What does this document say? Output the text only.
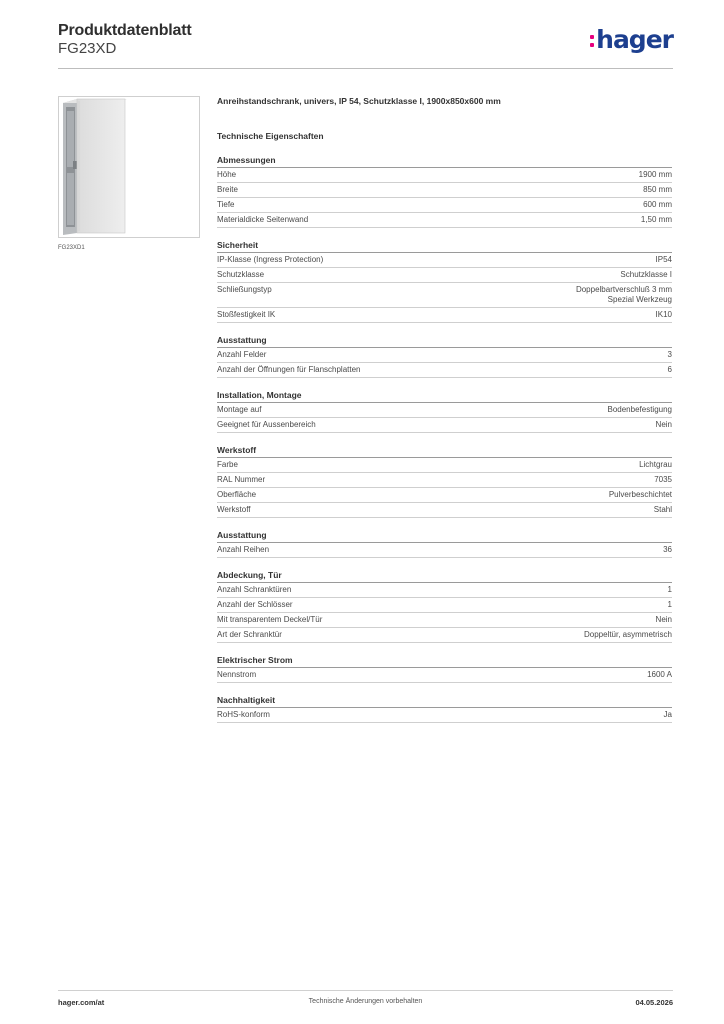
Produktdatenblatt
FG23XD	hager
FG23XD1
Anreihstandschrank, univers, IP 54, Schutzklasse I, 1900x850x600 mm
Technische Eigenschaften
Abmessungen
Höhe	1900 mm
Breite	850 mm
Tiefe	600 mm
Materialdicke Seitenwand	1,50 mm
Sicherheit
IP-Klasse (Ingress Protection)	IP54
Schutzklasse	Schutzklasse I
Schließungstyp	Doppelbartverschluß 3 mm
Spezial Werkzeug
Stoßfestigkeit IK	IK10
Ausstattung
Anzahl Felder	3
Anzahl der Öffnungen für Flanschplatten	6
Installation, Montage
Montage auf	Bodenbefestigung
Geeignet für Aussenbereich	Nein
Werkstoff
Farbe	Lichtgrau
RAL Nummer	7035
Oberfläche	Pulverbeschichtet
Werkstoff	Stahl
Ausstattung
Anzahl Reihen	36
Abdeckung, Tür
Anzahl Schranktüren	1
Anzahl der Schlösser	1
Mit transparentem Deckel/Tür	Nein
Art der Schranktür	Doppeltür, asymmetrisch
Elektrischer Strom
Nennstrom	1600 A
Nachhaltigkeit
RoHS-konform	Ja
hager.com/at	Technische Änderungen vorbehalten	04.05.2026
